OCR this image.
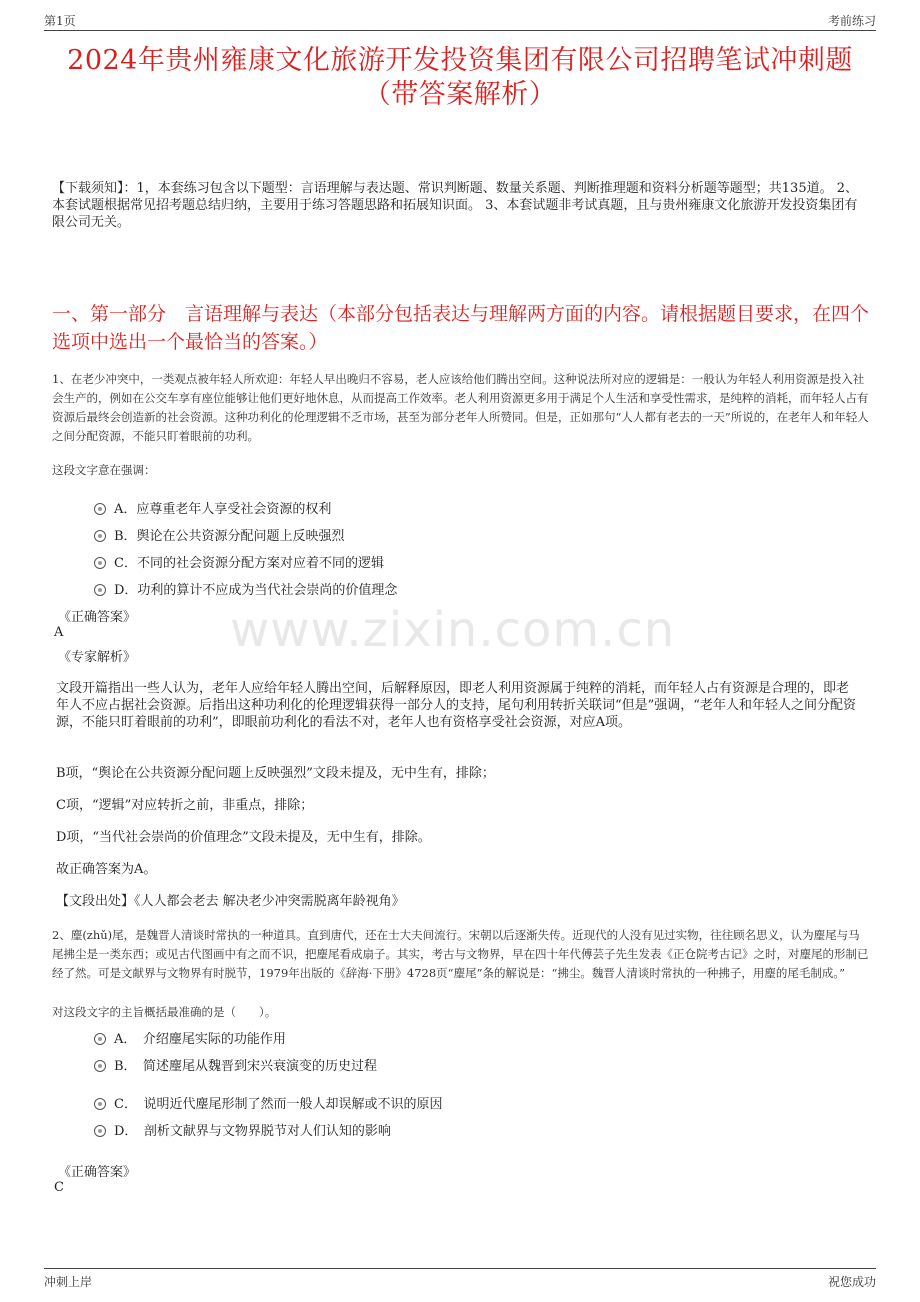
第1页	考前练习
2024年贵州雍康文化旅游开发投资集团有限公司招聘笔试冲刺题（带答案解析）
【下载须知】：1，本套练习包含以下题型：言语理解与表达题、常识判断题、数量关系题、判断推理题和资料分析题等题型；共135道。 2、本套试题根据常见招考题总结归纳，主要用于练习答题思路和拓展知识面。 3、本套试题非考试真题，且与贵州雍康文化旅游开发投资集团有限公司无关。
一、第一部分　言语理解与表达（本部分包括表达与理解两方面的内容。请根据题目要求，在四个选项中选出一个最恰当的答案。）
1、在老少冲突中，一类观点被年轻人所欢迎：年轻人早出晚归不容易，老人应该给他们腾出空间。这种说法所对应的逻辑是：一般认为年轻人利用资源是投入社会生产的，例如在公交车享有座位能够让他们更好地休息，从而提高工作效率。老人利用资源更多用于满足个人生活和享受性需求，是纯粹的消耗，而年轻人占有资源后最终会创造新的社会资源。这种功利化的伦理逻辑不乏市场，甚至为部分老年人所赞同。但是，正如那句“人人都有老去的一天”所说的，在老年人和年轻人之间分配资源，不能只盯着眼前的功利。
这段文字意在强调：
A．应尊重老年人享受社会资源的权利
B．舆论在公共资源分配问题上反映强烈
C．不同的社会资源分配方案对应着不同的逻辑
D．功利的算计不应成为当代社会崇尚的价值理念
《正确答案》
A
《专家解析》 www.zixin.com.cn
文段开篇指出一些人认为，老年人应给年轻人腾出空间，后解释原因，即老人利用资源属于纯粹的消耗，而年轻人占有资源是合理的，即老年人不应占据社会资源。后指出这种功利化的伦理逻辑获得一部分人的支持，尾句利用转折关联词“但是”强调，“老年人和年轻人之间分配资源，不能只盯着眼前的功利”，即眼前功利化的看法不对，老年人也有资格享受社会资源，对应A项。
B项，“舆论在公共资源分配问题上反映强烈”文段未提及，无中生有，排除；
C项，“逻辑”对应转折之前，非重点，排除；
D项，“当代社会崇尚的价值理念”文段未提及，无中生有，排除。
故正确答案为A。
【文段出处】《人人都会老去 解决老少冲突需脱离年龄视角》
2、麈(zhǔ)尾，是魏晋人清谈时常执的一种道具。直到唐代，还在士大夫间流行。宋朝以后逐渐失传。近现代的人没有见过实物，往往顾名思义，认为麈尾与马尾拂尘是一类东西；或见古代图画中有之而不识，把麈尾看成扇子。其实，考古与文物界，早在四十年代傅芸子先生发表《正仓院考古记》之时，对麈尾的形制已经了然。可是文献界与文物界有时脱节，1979年出版的《辞海·下册》4728页“麈尾”条的解说是：“拂尘。魏晋人清谈时常执的一种拂子，用麈的尾毛制成。”
对这段文字的主旨概括最准确的是（　　）。
A．　介绍麈尾实际的功能作用
B．　简述麈尾从魏晋到宋兴衰演变的历史过程
C．　说明近代麈尾形制了然而一般人却误解或不识的原因
D．　剖析文献界与文物界脱节对人们认知的影响
《正确答案》
C
冲刺上岸	祝您成功
